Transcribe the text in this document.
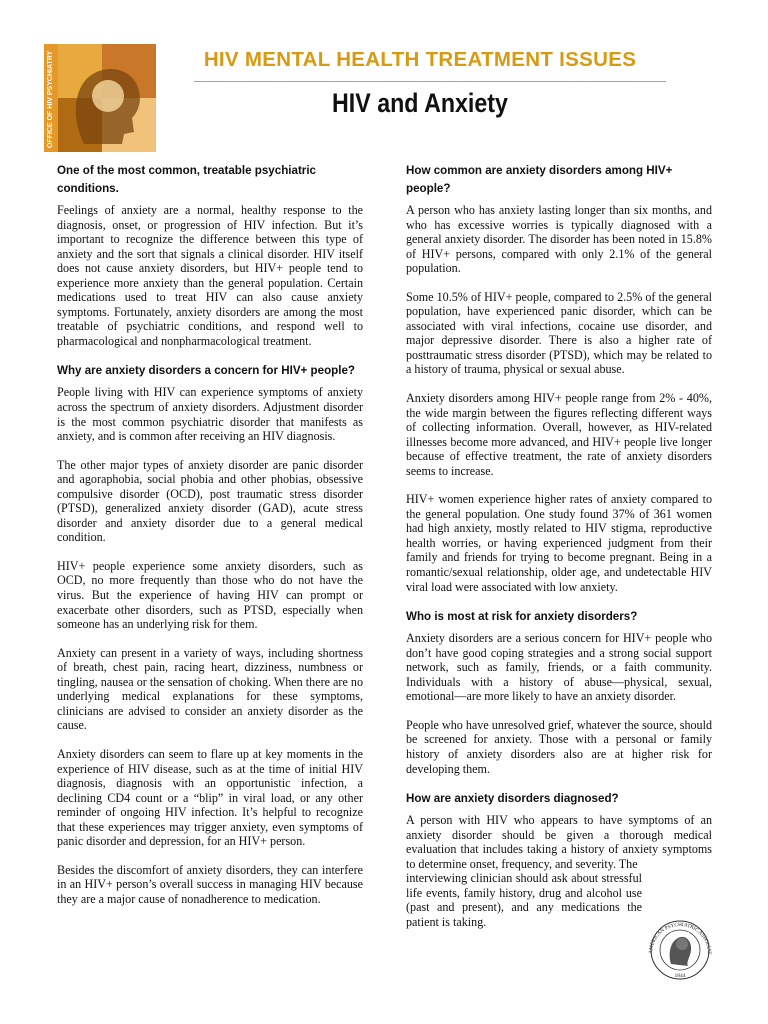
OFFICE OF HIV PSYCHIATRY	HIV MENTAL HEALTH TREATMENT ISSUES
HIV and Anxiety
One of the most common, treatable psychiatric conditions.

Feelings of anxiety are a normal, healthy response to the diagnosis, onset, or progression of HIV infection. But it’s important to recognize the difference between this type of anxiety and the sort that signals a clinical disorder. HIV itself does not cause anxiety disorders, but HIV+ people tend to experience more anxiety than the general population. Certain medications used to treat HIV can also cause anxiety symptoms. Fortunately, anxiety disorders are among the most treatable of psychiatric conditions, and respond well to pharmacological and nonpharmacological treatment.

Why are anxiety disorders a concern for HIV+ people?

People living with HIV can experience symptoms of anxiety across the spectrum of anxiety disorders. Adjustment disorder is the most common psychiatric disorder that manifests as anxiety, and is common after receiving an HIV diagnosis.

The other major types of anxiety disorder are panic disorder and agoraphobia, social phobia and other phobias, obsessive compulsive disorder (OCD), post traumatic stress disorder (PTSD), generalized anxiety disorder (GAD), acute stress disorder and anxiety disorder due to a general medical condition.

HIV+ people experience some anxiety disorders, such as OCD, no more frequently than those who do not have the virus. But the experience of having HIV can prompt or exacerbate other disorders, such as PTSD, especially when someone has an underlying risk for them.

Anxiety can present in a variety of ways, including shortness of breath, chest pain, racing heart, dizziness, numbness or tingling, nausea or the sensation of choking. When there are no underlying medical explanations for these symptoms, clinicians are advised to consider an anxiety disorder as the cause.

Anxiety disorders can seem to flare up at key moments in the experience of HIV disease, such as at the time of initial HIV diagnosis, diagnosis with an opportunistic infection, a declining CD4 count or a “blip” in viral load, or any other reminder of ongoing HIV infection. It’s helpful to recognize that these experiences may trigger anxiety, even symptoms of panic disorder and depression, for an HIV+ person.

Besides the discomfort of anxiety disorders, they can interfere in an HIV+ person’s overall success in managing HIV because they are a major cause of nonadherence to medication.

How common are anxiety disorders among HIV+ people?

A person who has anxiety lasting longer than six months, and who has excessive worries is typically diagnosed with a general anxiety disorder. The disorder has been noted in 15.8% of HIV+ persons, compared with only 2.1% of the general population.

Some 10.5% of HIV+ people, compared to 2.5% of the general population, have experienced panic disorder, which can be associated with viral infections, cocaine use disorder, and major depressive disorder. There is also a higher rate of posttraumatic stress disorder (PTSD), which may be related to a history of trauma, physical or sexual abuse.

Anxiety disorders among HIV+ people range from 2% - 40%, the wide margin between the figures reflecting different ways of collecting information. Overall, however, as HIV-related illnesses become more advanced, and HIV+ people live longer because of effective treatment, the rate of anxiety disorders seems to increase.

HIV+ women experience higher rates of anxiety compared to the general population. One study found 37% of 361 women had high anxiety, mostly related to HIV stigma, reproductive health worries, or having experienced judgment from their family and friends for trying to become pregnant. Being in a romantic/sexual relationship, older age, and undetectable HIV viral load were associated with low anxiety.

Who is most at risk for anxiety disorders?

Anxiety disorders are a serious concern for HIV+ people who don’t have good coping strategies and a strong social support network, such as family, friends, or a faith community. Individuals with a history of abuse—physical, sexual, emotional—are more likely to have an anxiety disorder.

People who have unresolved grief, whatever the source, should be screened for anxiety. Those with a personal or family history of anxiety disorders also are at higher risk for developing them.

How are anxiety disorders diagnosed?

A person with HIV who appears to have symptoms of an anxiety disorder should be given a thorough medical evaluation that includes taking a history of anxiety symptoms to determine onset, frequency, and severity. The

interviewing clinician should ask about stressful life events, family history, drug and alcohol use (past and present), and any medications the patient is taking.

AMERICAN PSYCHIATRIC ASSOCIAT
1844
